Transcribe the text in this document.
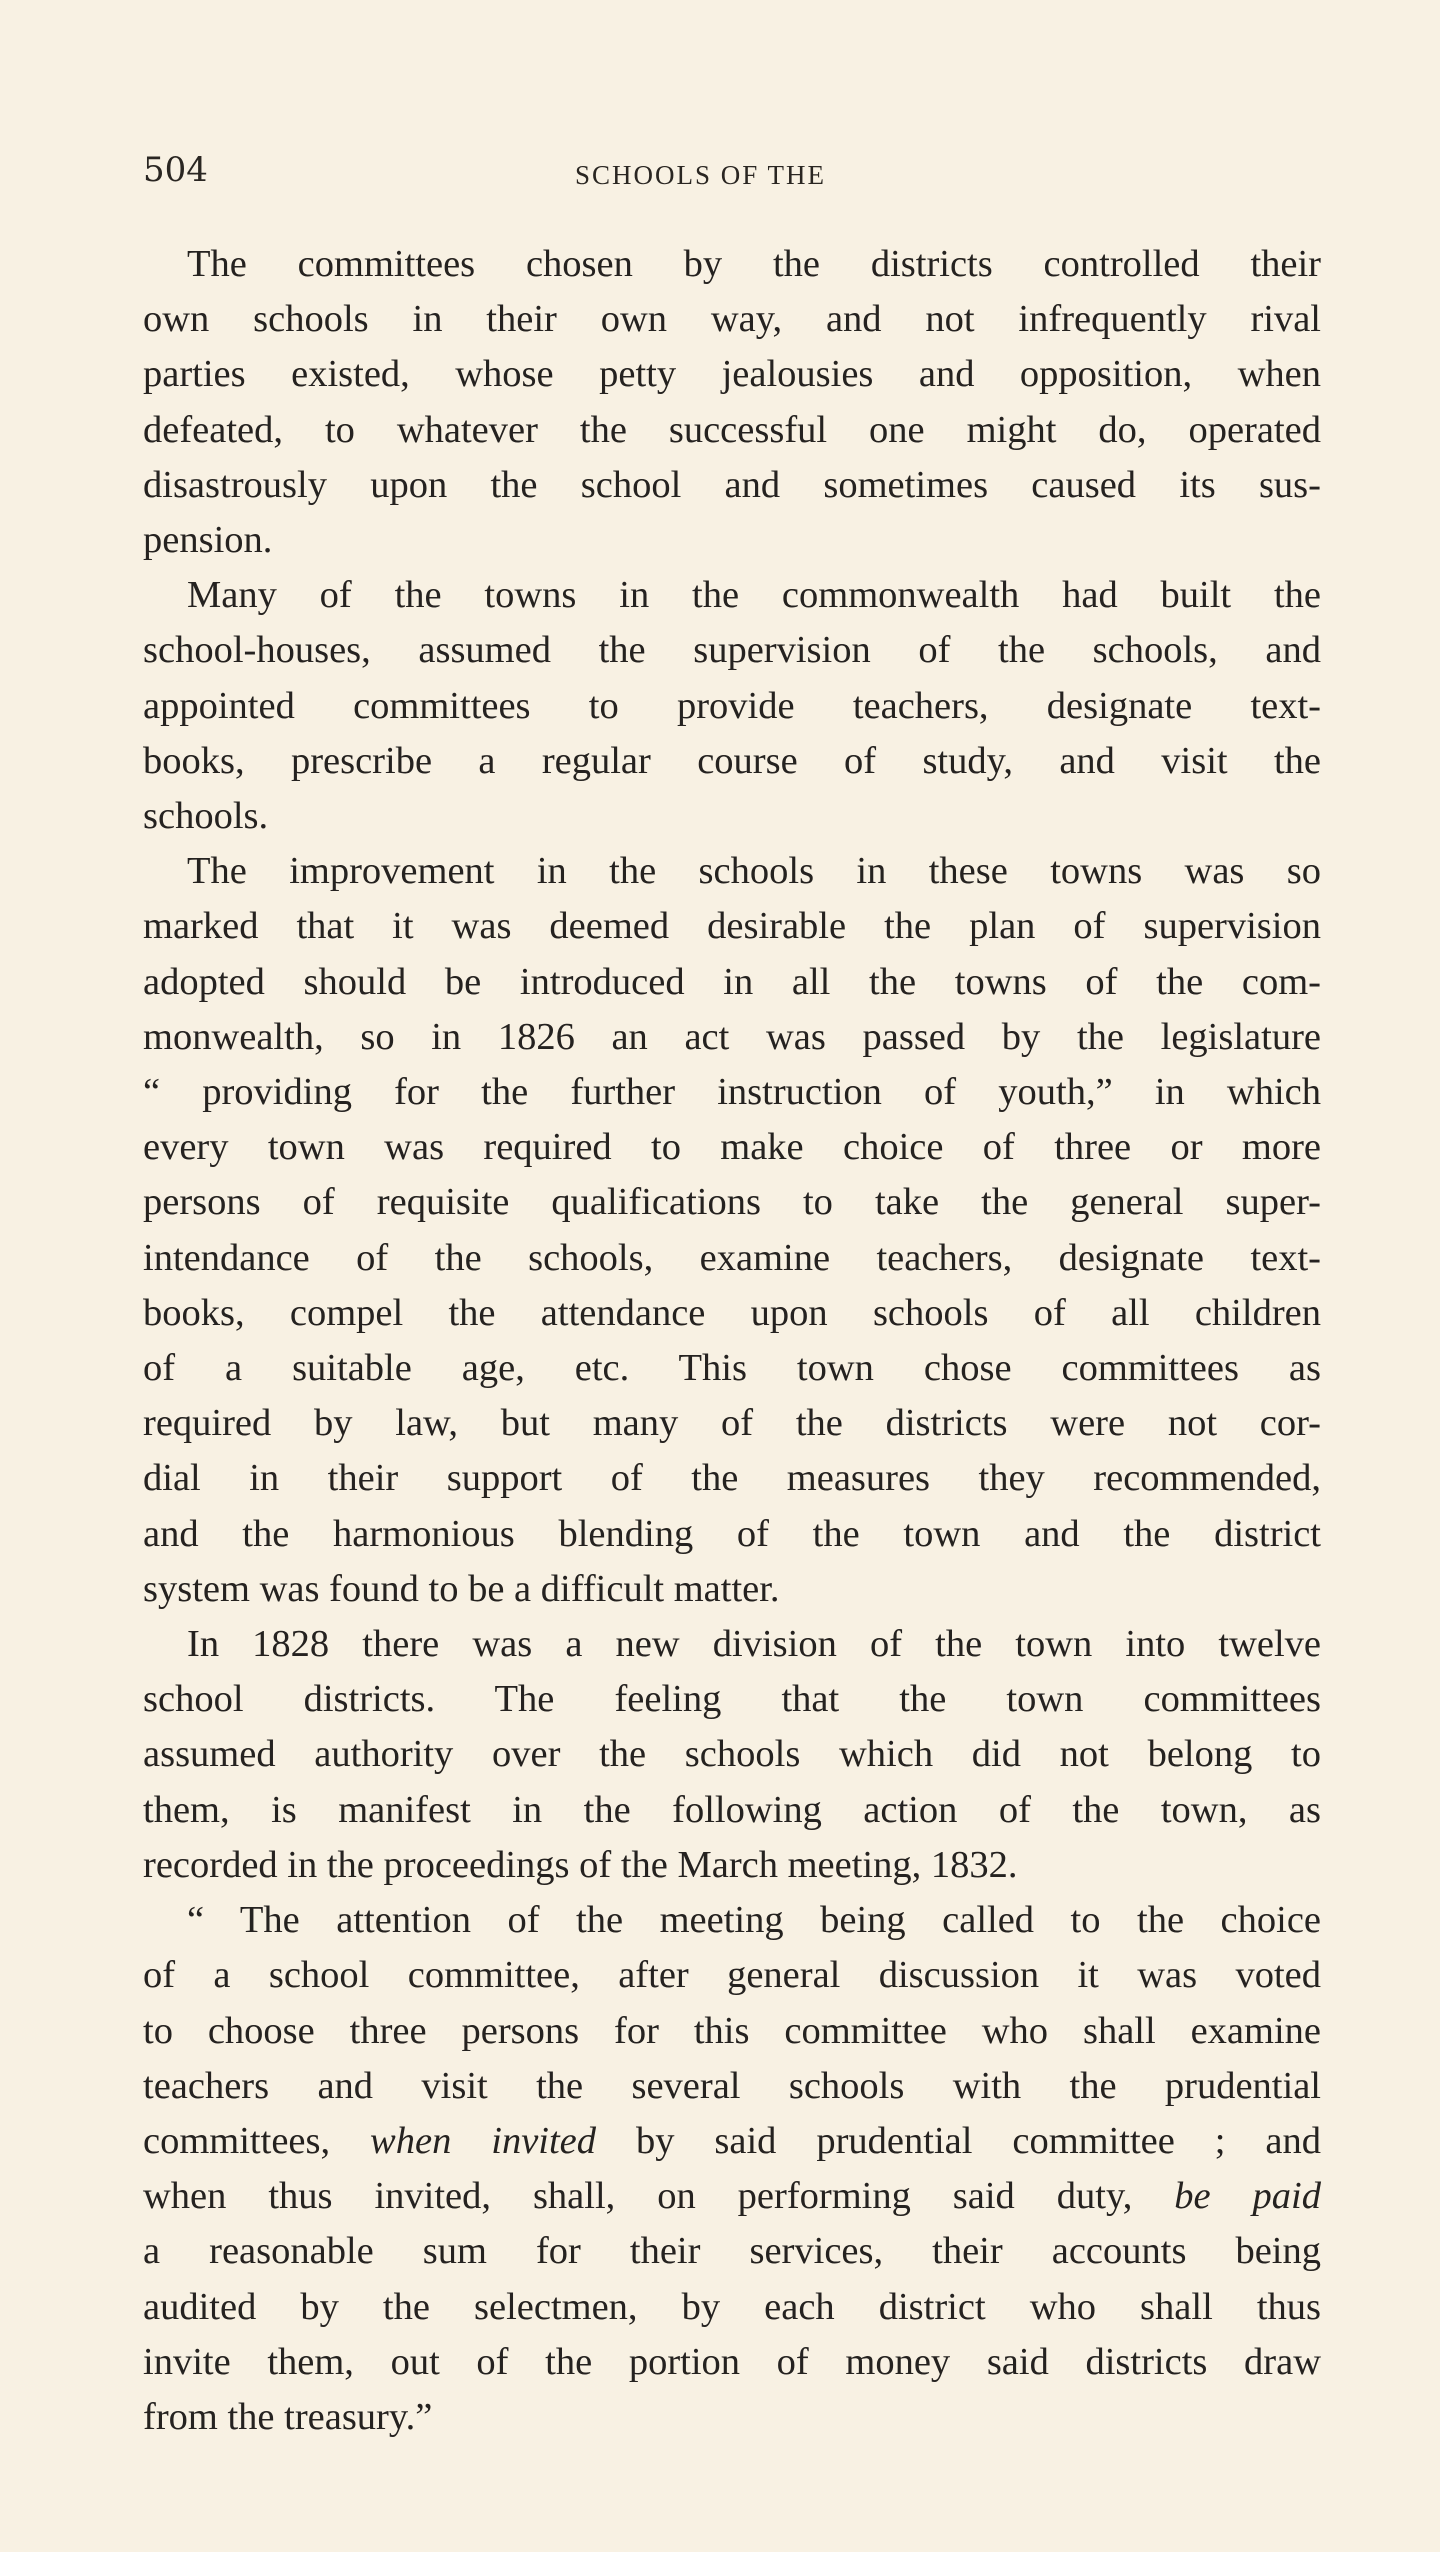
504	SCHOOLS OF THE
The committees chosen by the districts controlled their
own schools in their own way, and not infrequently rival
parties existed, whose petty jealousies and opposition, when
defeated, to whatever the successful one might do, operated
disastrously upon the school and sometimes caused its sus-
pension.
Many of the towns in the commonwealth had built the
school-houses, assumed the supervision of the schools, and
appointed committees to provide teachers, designate text-
books, prescribe a regular course of study, and visit the
schools.
The improvement in the schools in these towns was so
marked that it was deemed desirable the plan of supervision
adopted should be introduced in all the towns of the com-
monwealth, so in 1826 an act was passed by the legislature
“ providing for the further instruction of youth,” in which
every town was required to make choice of three or more
persons of requisite qualifications to take the general super-
intendance of the schools, examine teachers, designate text-
books, compel the attendance upon schools of all children
of a suitable age, etc. This town chose committees as
required by law, but many of the districts were not cor-
dial in their support of the measures they recommended,
and the harmonious blending of the town and the district
system was found to be a difficult matter.
In 1828 there was a new division of the town into twelve
school districts. The feeling that the town committees
assumed authority over the schools which did not belong to
them, is manifest in the following action of the town, as
recorded in the proceedings of the March meeting, 1832.
“ The attention of the meeting being called to the choice
of a school committee, after general discussion it was voted
to choose three persons for this committee who shall examine
teachers and visit the several schools with the prudential
committees, when invited by said prudential committee ; and
when thus invited, shall, on performing said duty, be paid
a reasonable sum for their services, their accounts being
audited by the selectmen, by each district who shall thus
invite them, out of the portion of money said districts draw
from the treasury.”
